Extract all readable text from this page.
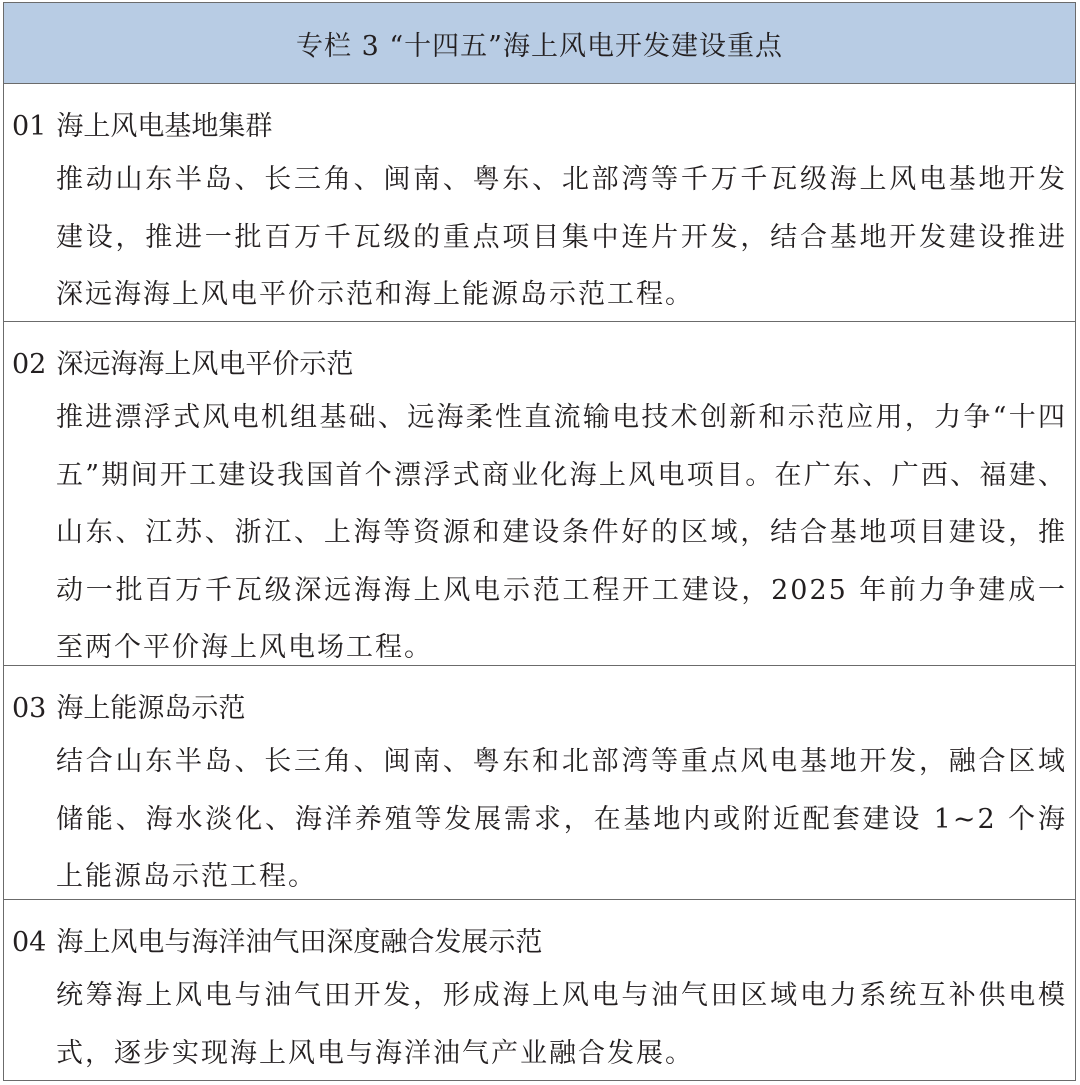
专栏 3 “十四五”海上风电开发建设重点

01 海上风电基地集群

推动山东半岛、长三角、闽南、粤东、北部湾等千万千瓦级海上风电基地开发建设，推进一批百万千瓦级的重点项目集中连片开发，结合基地开发建设推进深远海海上风电平价示范和海上能源岛示范工程。

02 深远海海上风电平价示范

推进漂浮式风电机组基础、远海柔性直流输电技术创新和示范应用，力争“十四五”期间开工建设我国首个漂浮式商业化海上风电项目。在广东、广西、福建、山东、江苏、浙江、上海等资源和建设条件好的区域，结合基地项目建设，推动一批百万千瓦级深远海海上风电示范工程开工建设，2025 年前力争建成一至两个平价海上风电场工程。

03 海上能源岛示范

结合山东半岛、长三角、闽南、粤东和北部湾等重点风电基地开发，融合区域储能、海水淡化、海洋养殖等发展需求，在基地内或附近配套建设 1~2 个海上能源岛示范工程。

04 海上风电与海洋油气田深度融合发展示范

统筹海上风电与油气田开发，形成海上风电与油气田区域电力系统互补供电模式，逐步实现海上风电与海洋油气产业融合发展。
